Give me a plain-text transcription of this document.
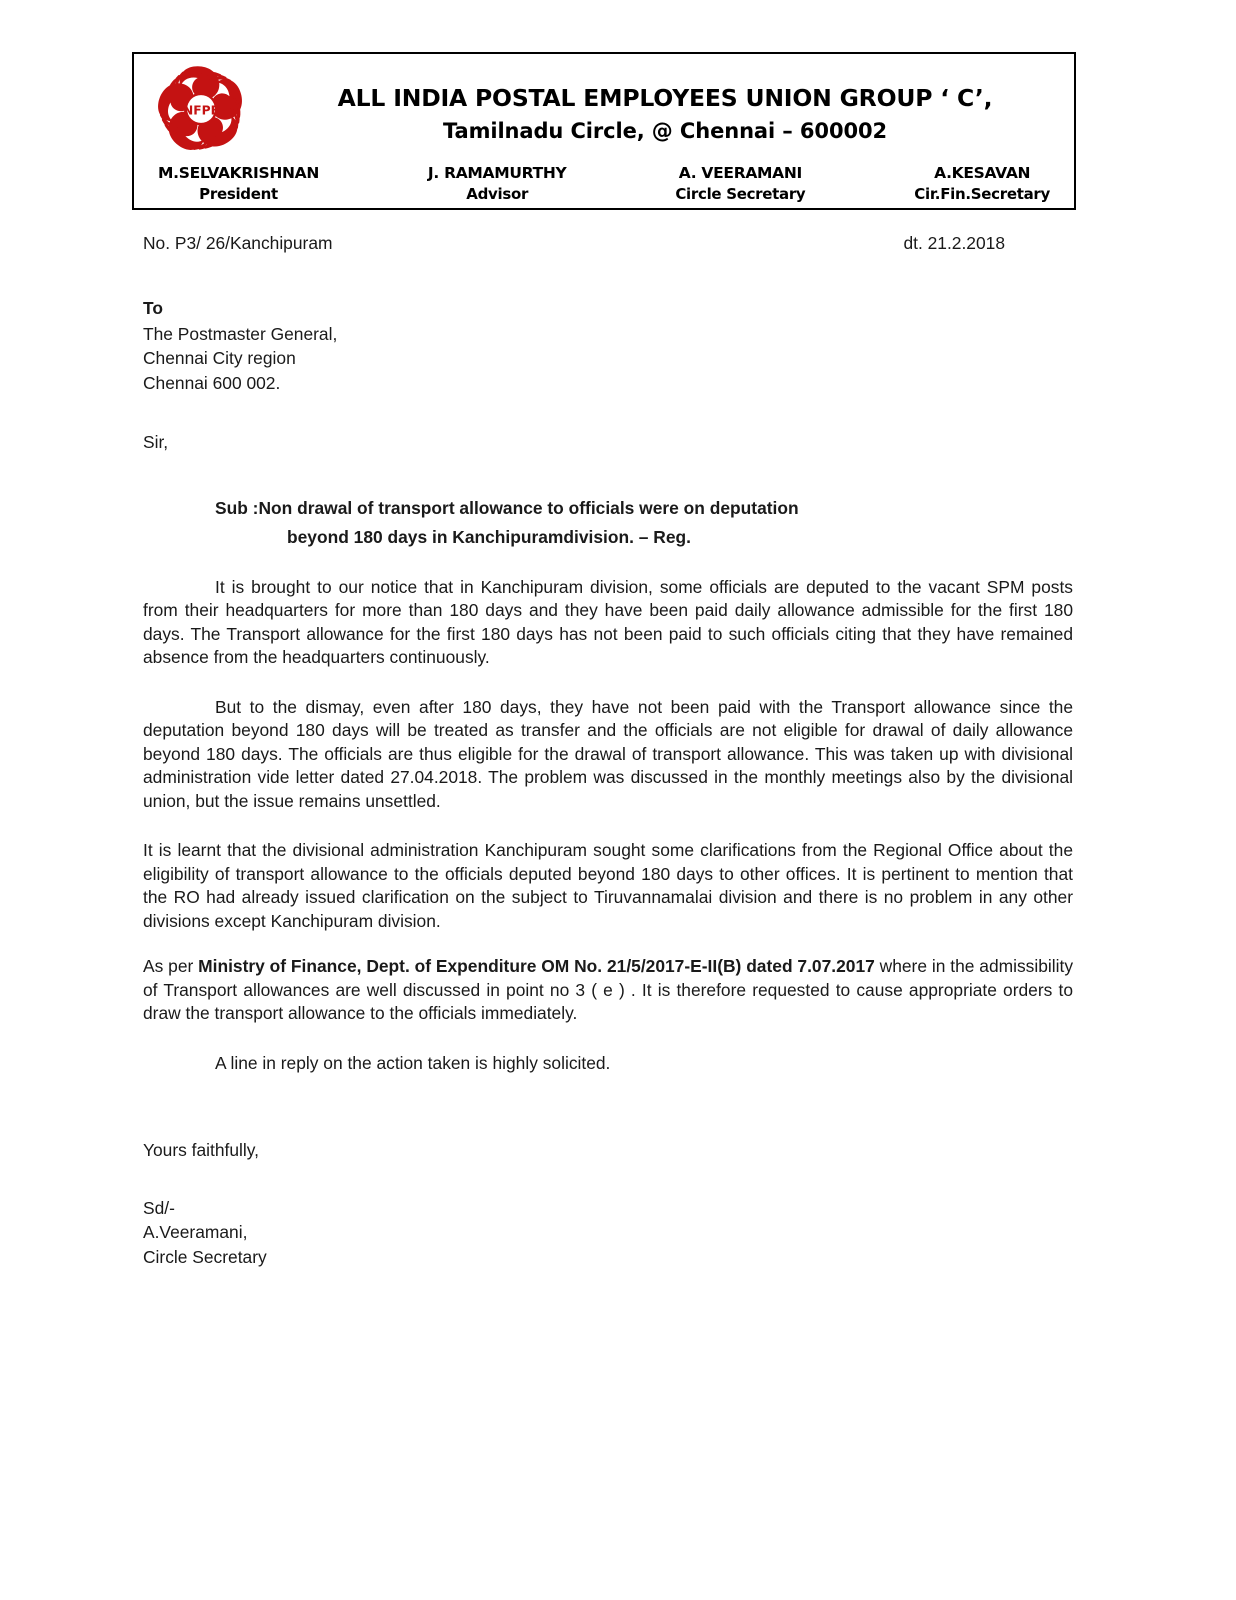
NFPE	ALL INDIA POSTAL EMPLOYEES UNION GROUP ‘ C’,
Tamilnadu Circle, @ Chennai – 600002
M.SELVAKRISHNAN
President
J. RAMAMURTHY
Advisor
A. VEERAMANI
Circle Secretary
A.KESAVAN
Cir.Fin.Secretary
No. P3/ 26/Kanchipuram	dt. 21.2.2018
To
The Postmaster General,
Chennai City region
Chennai 600 002.
Sir,
Sub :Non drawal of transport allowance to officials were on deputation
beyond 180 days in Kanchipuramdivision. – Reg.

It is brought to our notice that in Kanchipuram division, some officials are deputed to the vacant SPM posts from their headquarters for more than 180 days and they have been paid daily allowance admissible for the first 180 days. The Transport allowance for the first 180 days has not been paid to such officials citing that they have remained absence from the headquarters continuously.

But to the dismay, even after 180 days, they have not been paid with the Transport allowance since the deputation beyond 180 days will be treated as transfer and the officials are not eligible for drawal of daily allowance beyond 180 days. The officials are thus eligible for the drawal of transport allowance. This was taken up with divisional administration vide letter dated 27.04.2018. The problem was discussed in the monthly meetings also by the divisional union, but the issue remains unsettled.

It is learnt that the divisional administration Kanchipuram sought some clarifications from the Regional Office about the eligibility of transport allowance to the officials deputed beyond 180 days to other offices. It is pertinent to mention that the RO had already issued clarification on the subject to Tiruvannamalai division and there is no problem in any other divisions except Kanchipuram division.

As per Ministry of Finance, Dept. of Expenditure OM No. 21/5/2017-E-II(B) dated 7.07.2017 where in the admissibility of Transport allowances are well discussed in point no 3 ( e ) . It is therefore requested to cause appropriate orders to draw the transport allowance to the officials immediately.

A line in reply on the action taken is highly solicited.

Yours faithfully,
Sd/-
A.Veeramani,
Circle Secretary
